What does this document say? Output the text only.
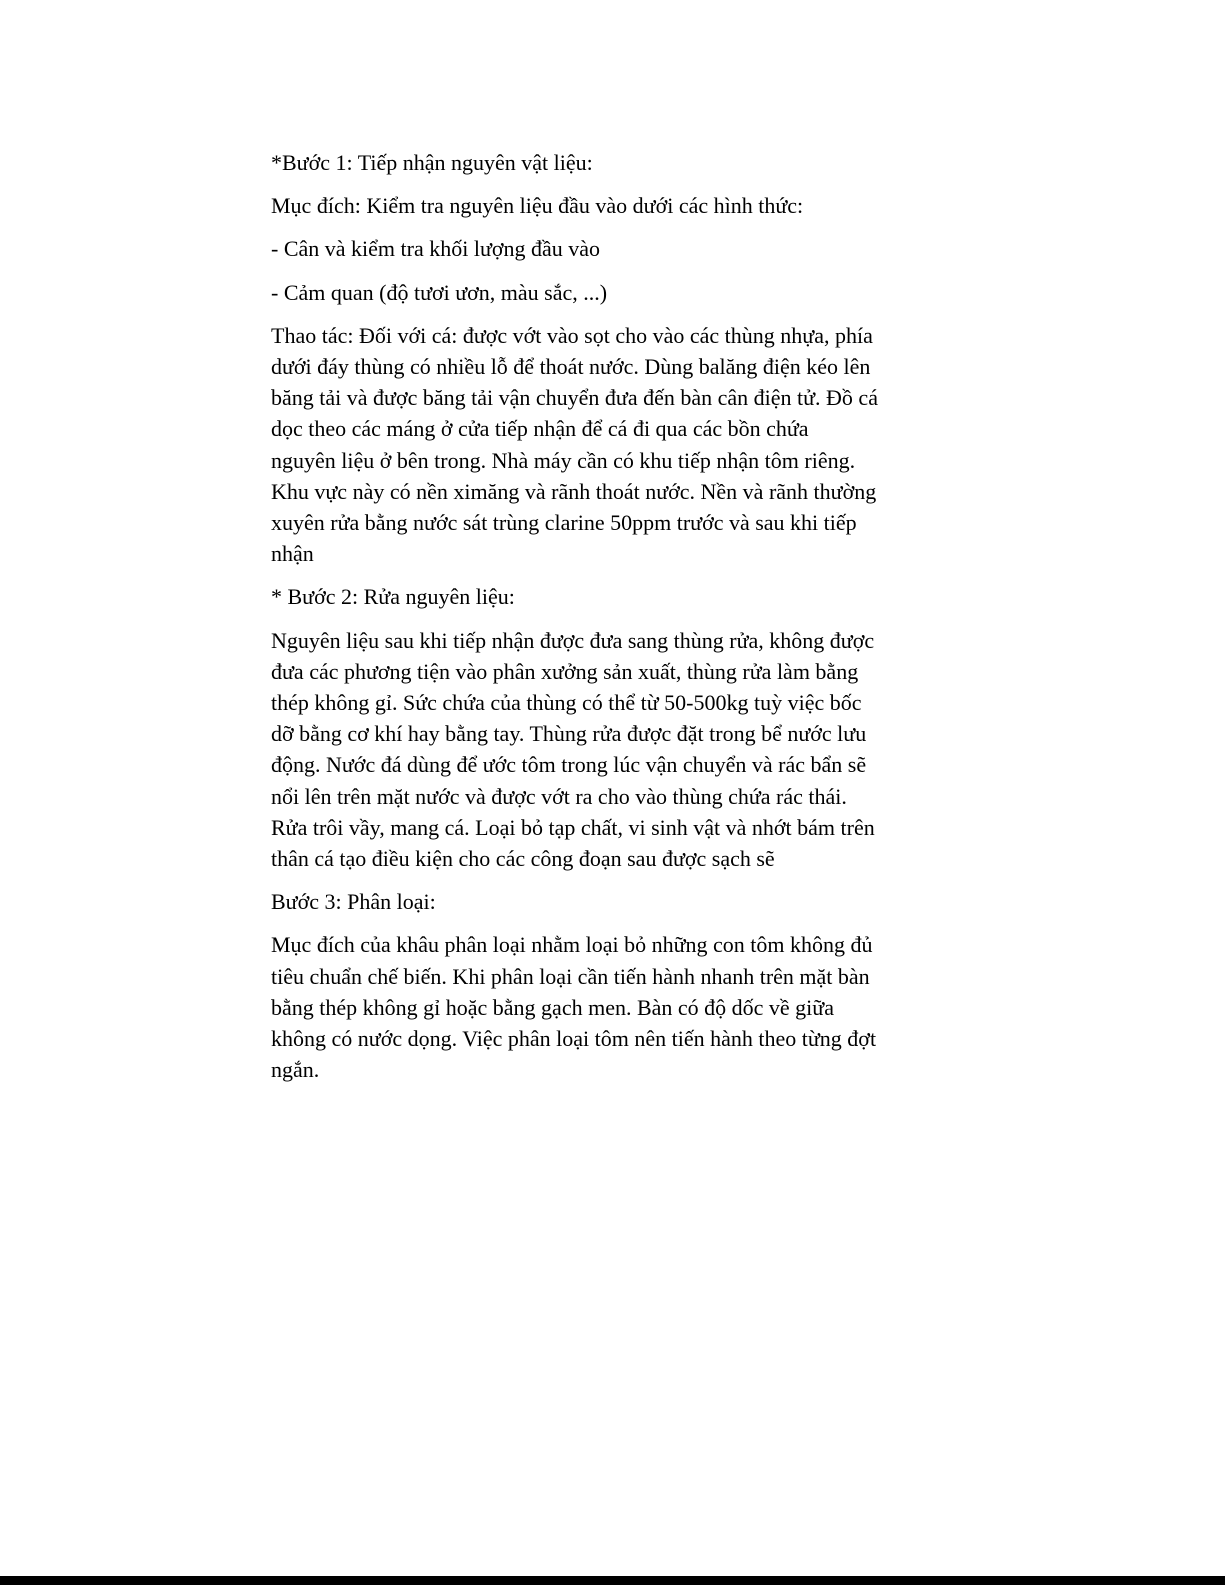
*Bước 1: Tiếp nhận nguyên vật liệu:

Mục đích: Kiểm tra nguyên liệu đầu vào dưới các hình thức:

- Cân và kiểm tra khối lượng đầu vào

- Cảm quan (độ tươi ươn, màu sắc, ...)

Thao tác: Đối với cá: được vớt vào sọt cho vào các thùng nhựa, phía
dưới đáy thùng có nhiều lỗ để thoát nước. Dùng balăng điện kéo lên
băng tải và được băng tải vận chuyển đưa đến bàn cân điện tử. Đồ cá
dọc theo các máng ở cửa tiếp nhận để cá đi qua các bồn chứa
nguyên liệu ở bên trong. Nhà máy cần có khu tiếp nhận tôm riêng.
Khu vực này có nền ximăng và rãnh thoát nước. Nền và rãnh thường
xuyên rửa bằng nước sát trùng clarine 50ppm trước và sau khi tiếp
nhận

* Bước 2: Rửa nguyên liệu:

Nguyên liệu sau khi tiếp nhận được đưa sang thùng rửa, không được
đưa các phương tiện vào phân xưởng sản xuất, thùng rửa làm bằng
thép không gỉ. Sức chứa của thùng có thể từ 50-500kg tuỳ việc bốc
dỡ bằng cơ khí hay bằng tay. Thùng rửa được đặt trong bể nước lưu
động. Nước đá dùng để ước tôm trong lúc vận chuyển và rác bẩn sẽ
nổi lên trên mặt nước và được vớt ra cho vào thùng chứa rác thái.
Rửa trôi vầy, mang cá. Loại bỏ tạp chất, vi sinh vật và nhớt bám trên
thân cá tạo điều kiện cho các công đoạn sau được sạch sẽ

Bước 3: Phân loại:

Mục đích của khâu phân loại nhằm loại bỏ những con tôm không đủ
tiêu chuẩn chế biến. Khi phân loại cần tiến hành nhanh trên mặt bàn
bằng thép không gỉ hoặc bằng gạch men. Bàn có độ dốc về giữa
không có nước dọng. Việc phân loại tôm nên tiến hành theo từng đợt
ngắn.
